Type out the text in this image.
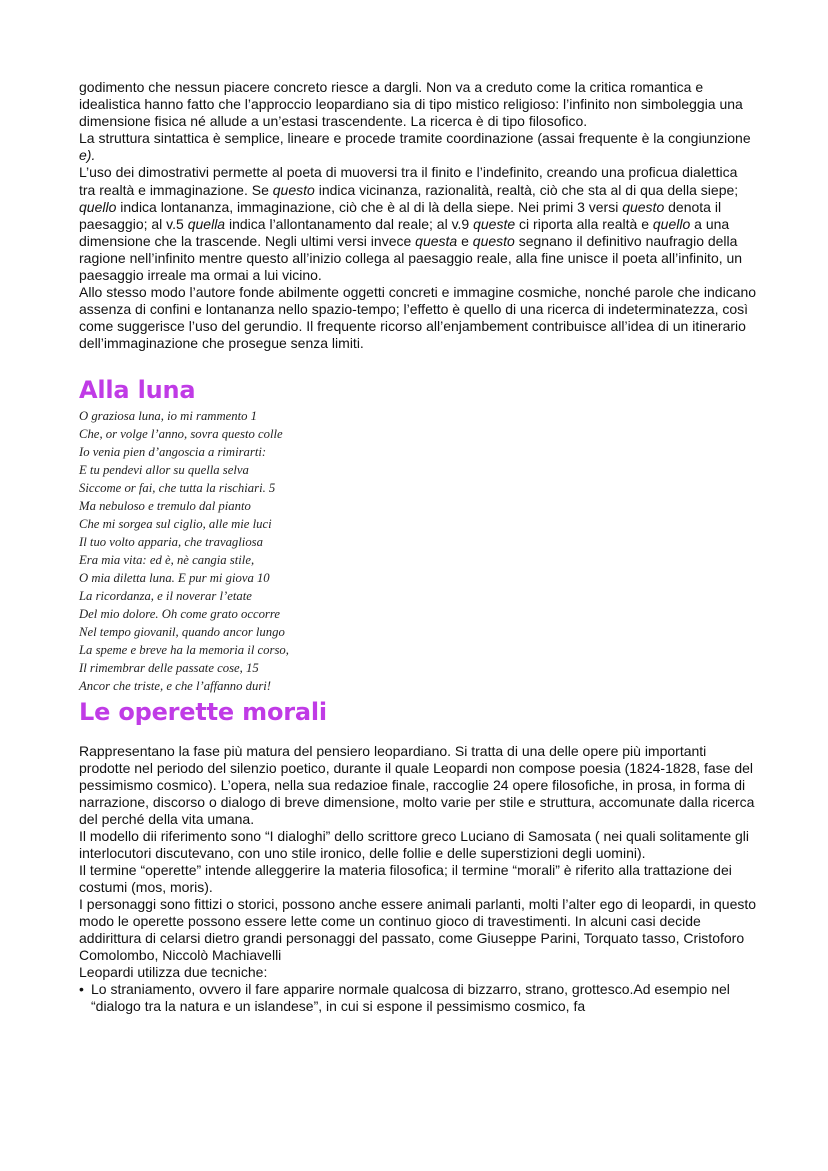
godimento che nessun piacere concreto riesce a dargli. Non va a creduto come la critica romantica e idealistica hanno fatto che l’approccio leopardiano sia di tipo mistico religioso: l’infinito non simboleggia una dimensione fisica né allude a un’estasi trascendente. La ricerca è di tipo filosofico.

La struttura sintattica è semplice, lineare e procede tramite coordinazione (assai frequente è la congiunzione e).

L’uso dei dimostrativi permette al poeta di muoversi tra il finito e l’indefinito, creando una proficua dialettica tra realtà e immaginazione. Se questo indica vicinanza, razionalità, realtà, ciò che sta al di qua della siepe; quello indica lontananza, immaginazione, ciò che è al di là della siepe. Nei primi 3 versi questo denota il paesaggio; al v.5 quella indica l’allontanamento dal reale; al v.9 queste ci riporta alla realtà e quello a una dimensione che la trascende. Negli ultimi versi invece questa e questo segnano il definitivo naufragio della ragione nell’infinito mentre questo all’inizio collega al paesaggio reale, alla fine unisce il poeta all’infinito, un paesaggio irreale ma ormai a lui vicino.

Allo stesso modo l’autore fonde abilmente oggetti concreti e immagine cosmiche, nonché parole che indicano assenza di confini e lontananza nello spazio-tempo; l’effetto è quello di una ricerca di indeterminatezza, così come suggerisce l’uso del gerundio. Il frequente ricorso all’enjambement contribuisce all’idea di un itinerario dell’immaginazione che prosegue senza limiti.

Alla luna
O graziosa luna, io mi rammento 1
Che, or volge l’anno, sovra questo colle
Io venia pien d’angoscia a rimirarti:
E tu pendevi allor su quella selva
Siccome or fai, che tutta la rischiari. 5
Ma nebuloso e tremulo dal pianto
Che mi sorgea sul ciglio, alle mie luci
Il tuo volto apparia, che travagliosa
Era mia vita: ed è, nè cangia stile,
O mia diletta luna. E pur mi giova 10
La ricordanza, e il noverar l’etate
Del mio dolore. Oh come grato occorre
Nel tempo giovanil, quando ancor lungo
La speme e breve ha la memoria il corso,
Il rimembrar delle passate cose, 15
Ancor che triste, e che l’affanno duri!
Le operette morali

Rappresentano la fase più matura del pensiero leopardiano. Si tratta di una delle opere più importanti prodotte nel periodo del silenzio poetico, durante il quale Leopardi non compose poesia (1824-1828, fase del pessimismo cosmico). L’opera, nella sua redazioe finale, raccoglie 24 opere filosofiche, in prosa, in forma di narrazione, discorso o dialogo di breve dimensione, molto varie per stile e struttura, accomunate dalla ricerca del perché della vita umana.

Il modello dii riferimento sono “I dialoghi” dello scrittore greco Luciano di Samosata ( nei quali solitamente gli interlocutori discutevano, con uno stile ironico, delle follie e delle superstizioni degli uomini).

Il termine “operette” intende alleggerire la materia filosofica; il termine “morali” è riferito alla trattazione dei costumi (mos, moris).

I personaggi sono fittizi o storici, possono anche essere animali parlanti, molti l’alter ego di leopardi, in questo modo le operette possono essere lette come un continuo gioco di travestimenti. In alcuni casi decide addirittura di celarsi dietro grandi personaggi del passato, come Giuseppe Parini, Torquato tasso, Cristoforo Comolombo, Niccolò Machiavelli

Leopardi utilizza due tecniche:

• Lo straniamento, ovvero il fare apparire normale qualcosa di bizzarro, strano, grottesco.Ad esempio nel “dialogo tra la natura e un islandese”, in cui si espone il pessimismo cosmico, fa
